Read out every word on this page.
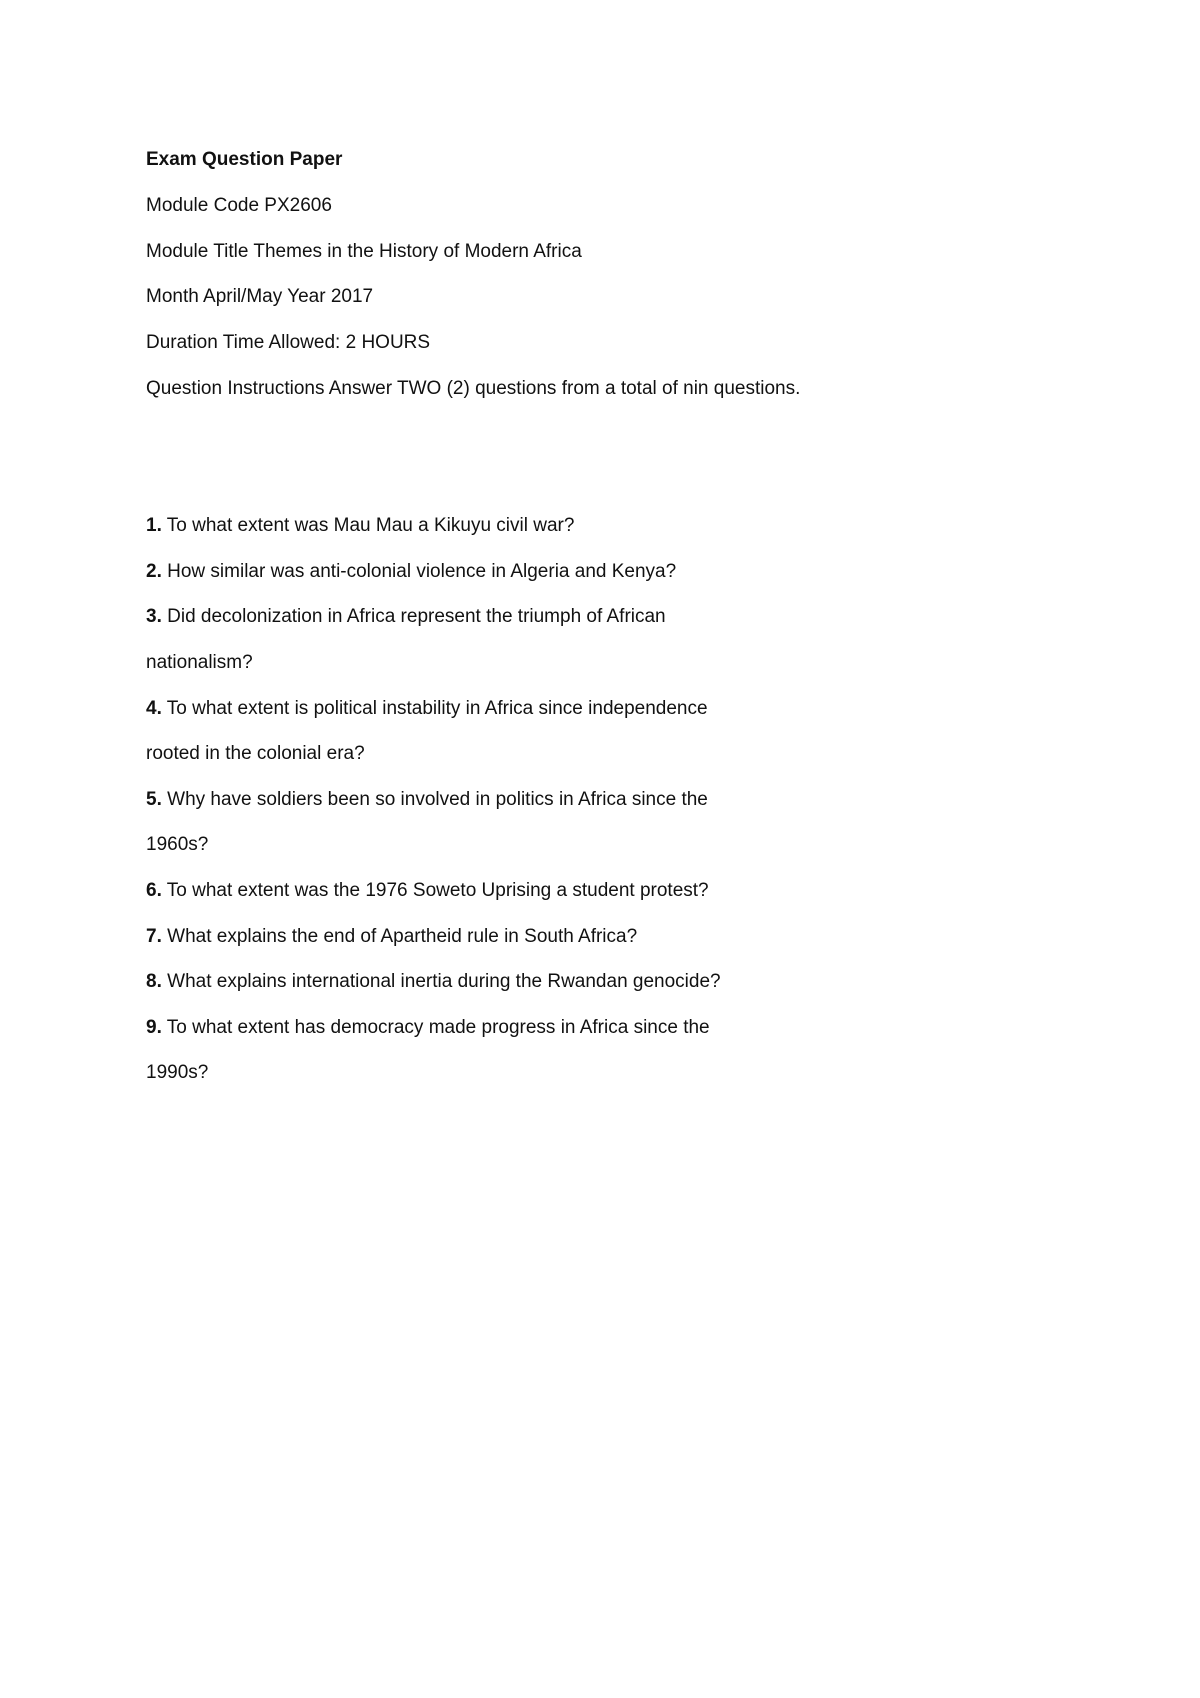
Exam Question Paper
Module Code PX2606
Module Title Themes in the History of Modern Africa
Month April/May Year 2017
Duration Time Allowed: 2 HOURS
Question Instructions Answer TWO (2) questions from a total of nin questions.
1. To what extent was Mau Mau a Kikuyu civil war?
2. How similar was anti-colonial violence in Algeria and Kenya?
3. Did decolonization in Africa represent the triumph of African
nationalism?
4. To what extent is political instability in Africa since independence
rooted in the colonial era?
5. Why have soldiers been so involved in politics in Africa since the
1960s?
6. To what extent was the 1976 Soweto Uprising a student protest?
7. What explains the end of Apartheid rule in South Africa?
8. What explains international inertia during the Rwandan genocide?
9. To what extent has democracy made progress in Africa since the
1990s?
